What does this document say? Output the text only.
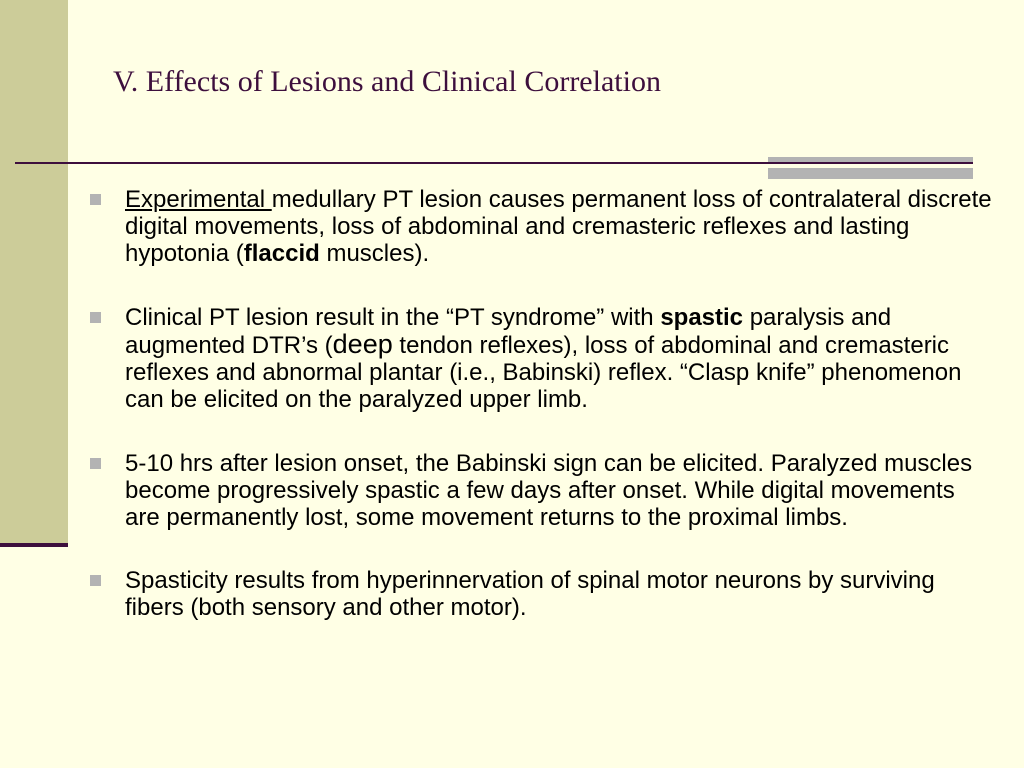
V. Effects of Lesions and Clinical Correlation
Experimental medullary PT lesion causes permanent loss of contralateral discrete digital movements, loss of abdominal and cremasteric reflexes and lasting hypotonia (flaccid muscles).
Clinical PT lesion result in the “PT syndrome” with spastic paralysis and augmented DTR’s (deep tendon reflexes), loss of abdominal and cremasteric reflexes and abnormal plantar (i.e., Babinski) reflex. “Clasp knife” phenomenon can be elicited on the paralyzed upper limb.
5-10 hrs after lesion onset, the Babinski sign can be elicited. Paralyzed muscles become progressively spastic a few days after onset. While digital movements are permanently lost, some movement returns to the proximal limbs.
Spasticity results from hyperinnervation of spinal motor neurons by surviving fibers (both sensory and other motor).
